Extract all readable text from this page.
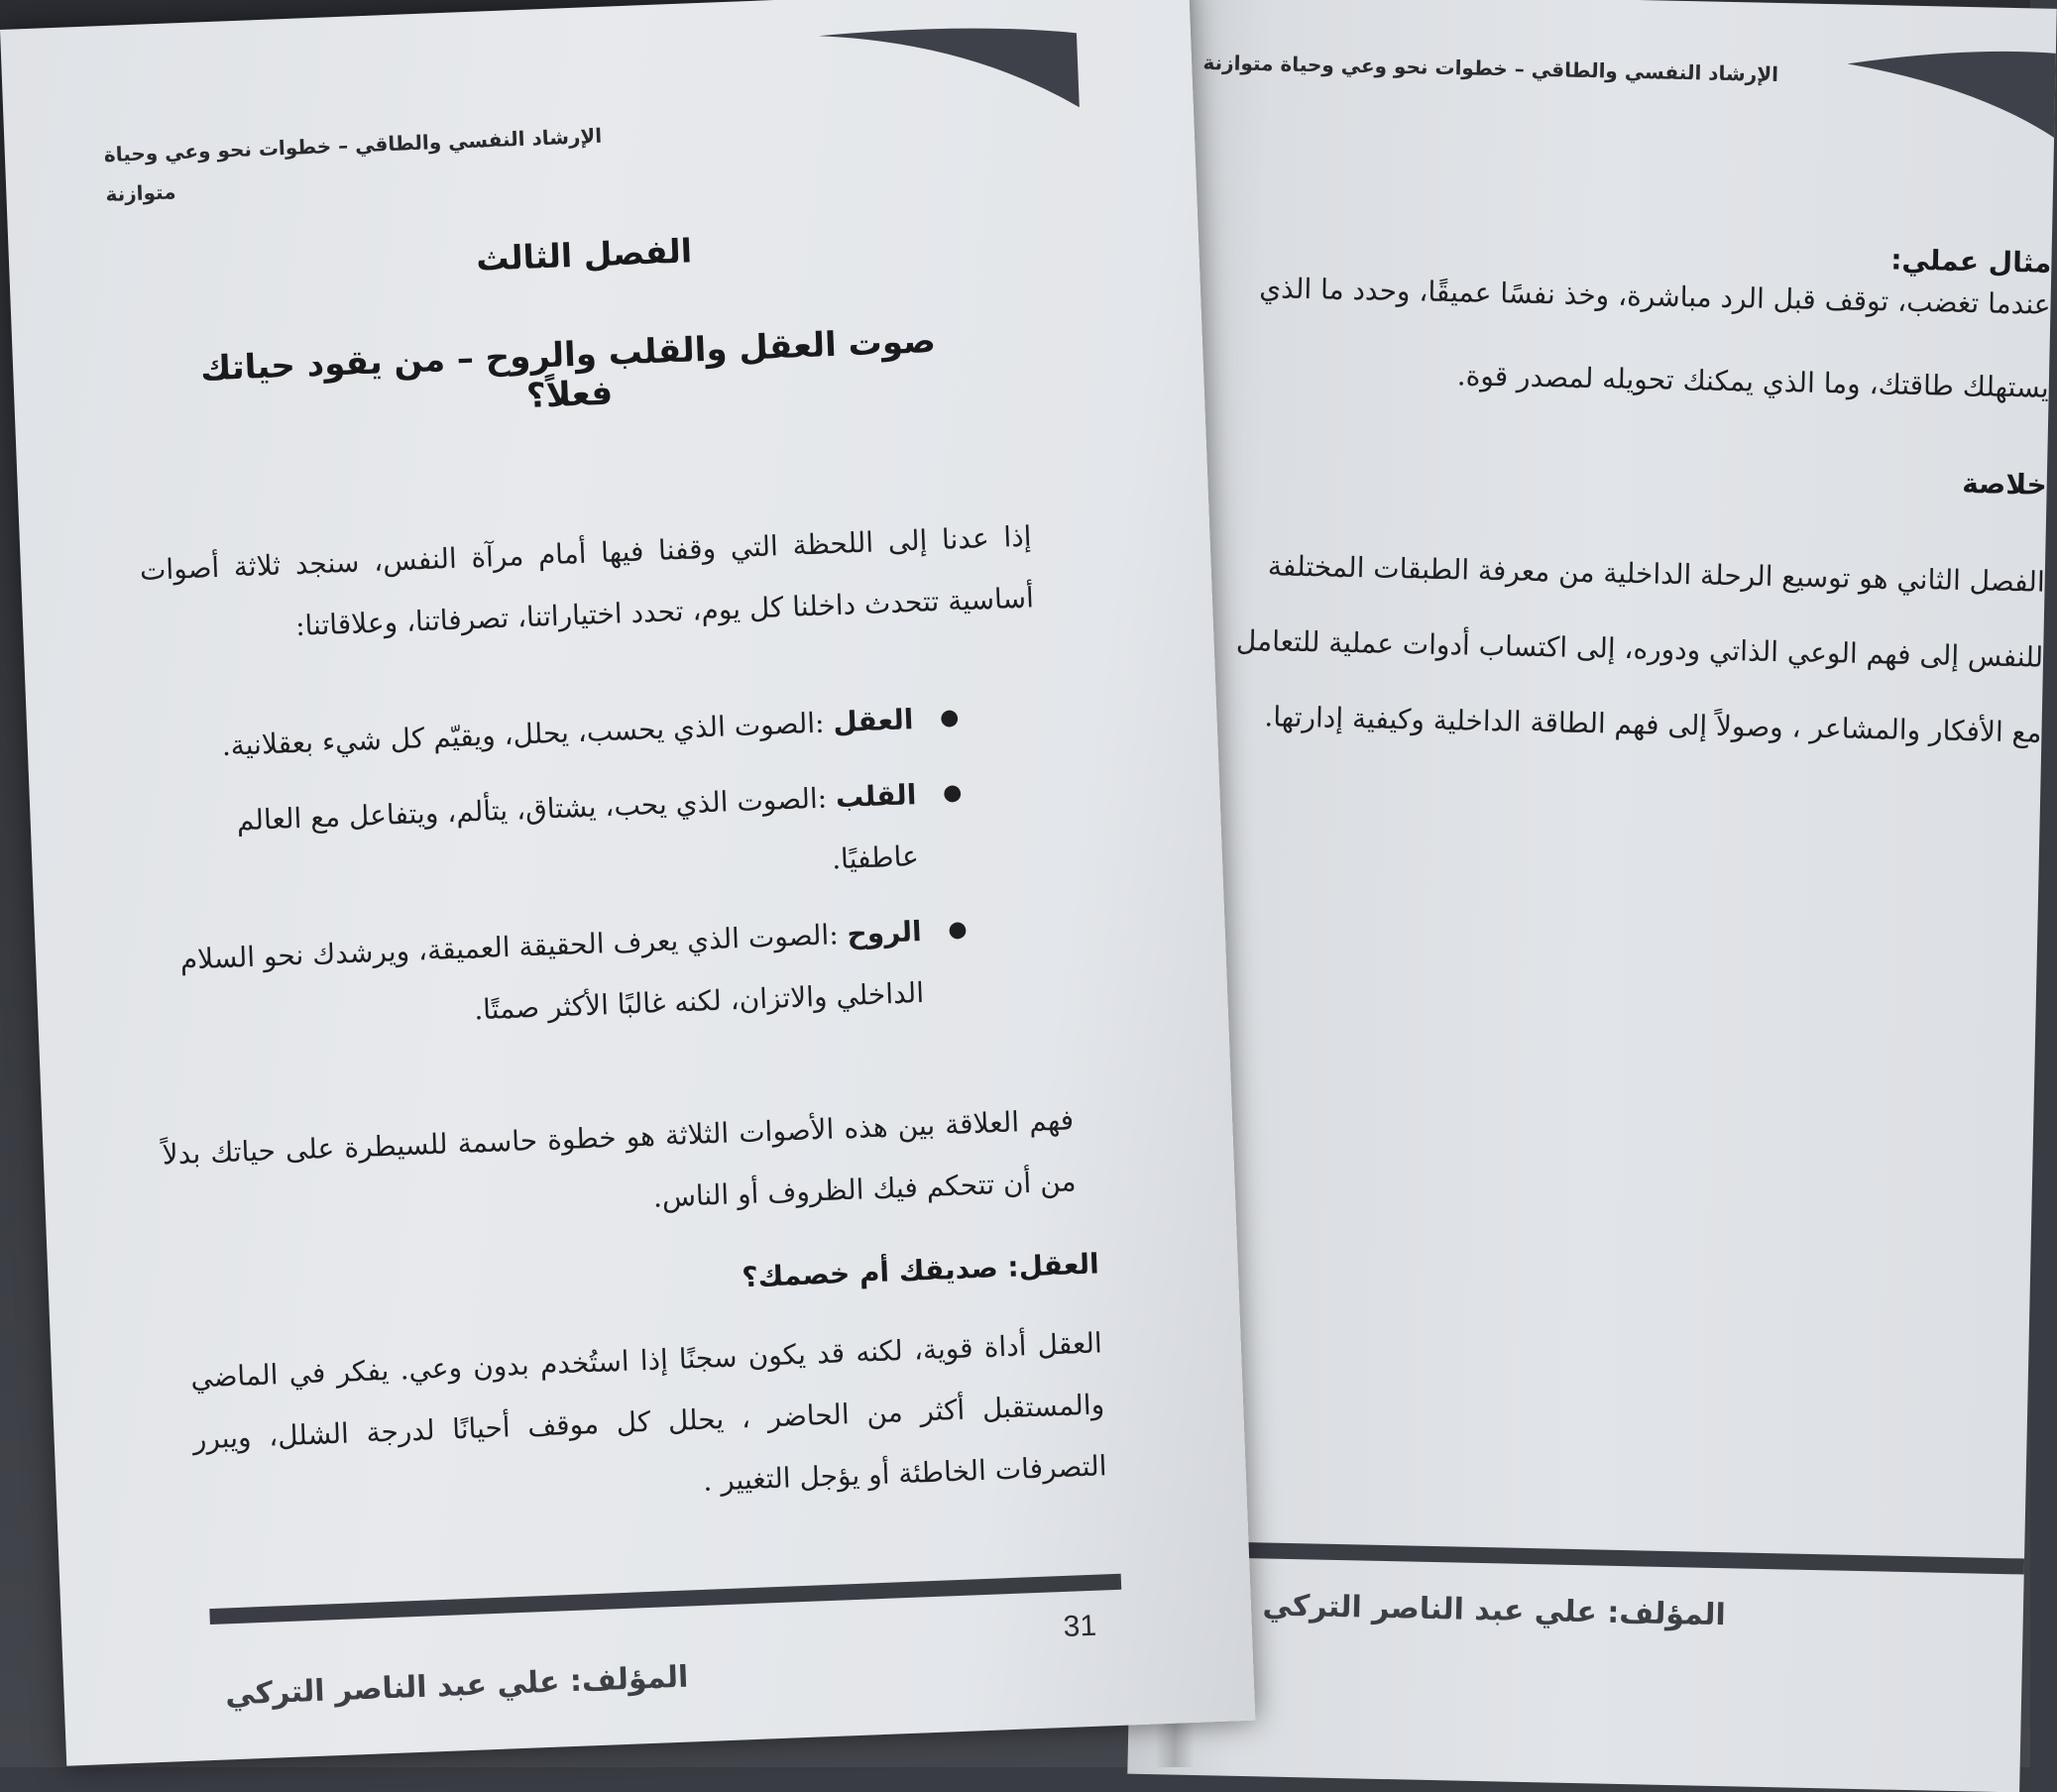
الإرشاد النفسي والطاقي – خطوات نحو وعي وحياة متوازنة
مثال عملي:
عندما تغضب، توقف قبل الرد مباشرة، وخذ نفسًا عميقًا، وحدد ما الذي
يستهلك طاقتك، وما الذي يمكنك تحويله لمصدر قوة.
خلاصة
الفصل الثاني هو توسيع الرحلة الداخلية من معرفة الطبقات المختلفة
للنفس إلى فهم الوعي الذاتي ودوره، إلى اكتساب أدوات عملية للتعامل
مع الأفكار والمشاعر ، وصولاً إلى فهم الطاقة الداخلية وكيفية إدارتها.
المؤلف: علي عبد الناصر التركي
الإرشاد النفسي والطاقي – خطوات نحو وعي وحياة متوازنة
الفصل الثالث
صوت العقل والقلب والروح – من يقود حياتك فعلاً؟
إذا عدنا إلى اللحظة التي وقفنا فيها أمام مرآة النفس، سنجد ثلاثة أصوات أساسية تتحدث داخلنا كل يوم، تحدد اختياراتنا، تصرفاتنا، وعلاقاتنا:
●
العقل :الصوت الذي يحسب، يحلل، ويقيّم كل شيء بعقلانية.
●
القلب :الصوت الذي يحب، يشتاق، يتألم، ويتفاعل مع العالم عاطفيًا.
●
الروح :الصوت الذي يعرف الحقيقة العميقة، ويرشدك نحو السلام الداخلي والاتزان، لكنه غالبًا الأكثر صمتًا.
فهم العلاقة بين هذه الأصوات الثلاثة هو خطوة حاسمة للسيطرة على حياتك بدلاً من أن تتحكم فيك الظروف أو الناس.
العقل: صديقك أم خصمك؟
العقل أداة قوية، لكنه قد يكون سجنًا إذا استُخدم بدون وعي. يفكر في الماضي والمستقبل أكثر من الحاضر ، يحلل كل موقف أحيانًا لدرجة الشلل، ويبرر التصرفات الخاطئة أو يؤجل التغيير .
31
المؤلف: علي عبد الناصر التركي
